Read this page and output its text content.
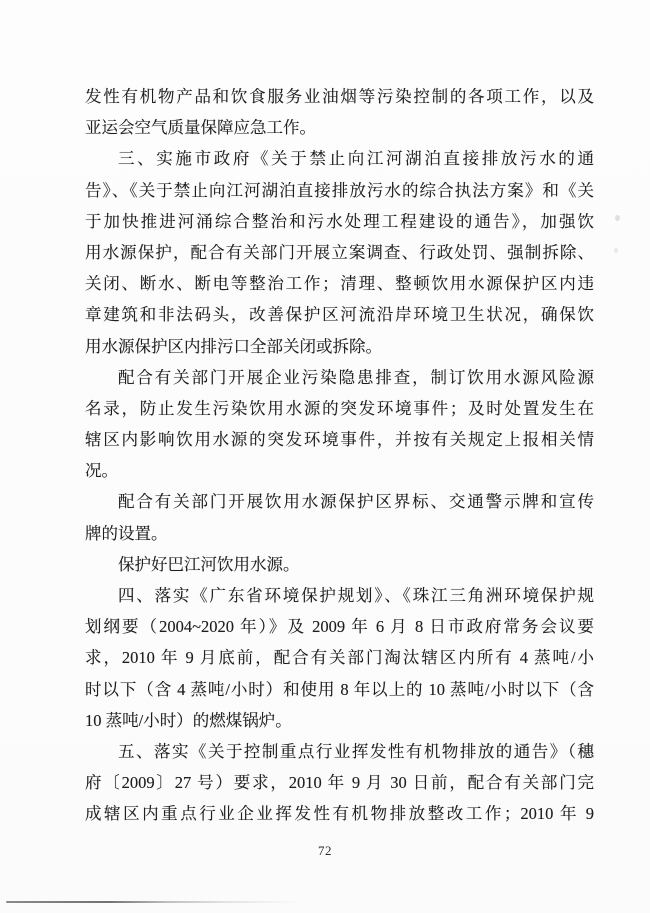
发性有机物产品和饮食服务业油烟等污染控制的各项工作，以及
亚运会空气质量保障应急工作。
三、实施市政府《关于禁止向江河湖泊直接排放污水的通
告》、《关于禁止向江河湖泊直接排放污水的综合执法方案》和《关
于加快推进河涌综合整治和污水处理工程建设的通告》，加强饮
用水源保护，配合有关部门开展立案调查、行政处罚、强制拆除、
关闭、断水、断电等整治工作；清理、整顿饮用水源保护区内违
章建筑和非法码头，改善保护区河流沿岸环境卫生状况，确保饮
用水源保护区内排污口全部关闭或拆除。
配合有关部门开展企业污染隐患排查，制订饮用水源风险源
名录，防止发生污染饮用水源的突发环境事件；及时处置发生在
辖区内影响饮用水源的突发环境事件，并按有关规定上报相关情
况。
配合有关部门开展饮用水源保护区界标、交通警示牌和宣传
牌的设置。
保护好巴江河饮用水源。
四、落实《广东省环境保护规划》、《珠江三角洲环境保护规
划纲要（2004~2020 年）》及 2009 年 6 月 8 日市政府常务会议要
求，2010 年 9 月底前，配合有关部门淘汰辖区内所有 4 蒸吨/小
时以下（含 4 蒸吨/小时）和使用 8 年以上的 10 蒸吨/小时以下（含
10 蒸吨/小时）的燃煤锅炉。
五、落实《关于控制重点行业挥发性有机物排放的通告》（穗
府〔2009〕27 号）要求，2010 年 9 月 30 日前，配合有关部门完
成辖区内重点行业企业挥发性有机物排放整改工作；2010 年 9
72
